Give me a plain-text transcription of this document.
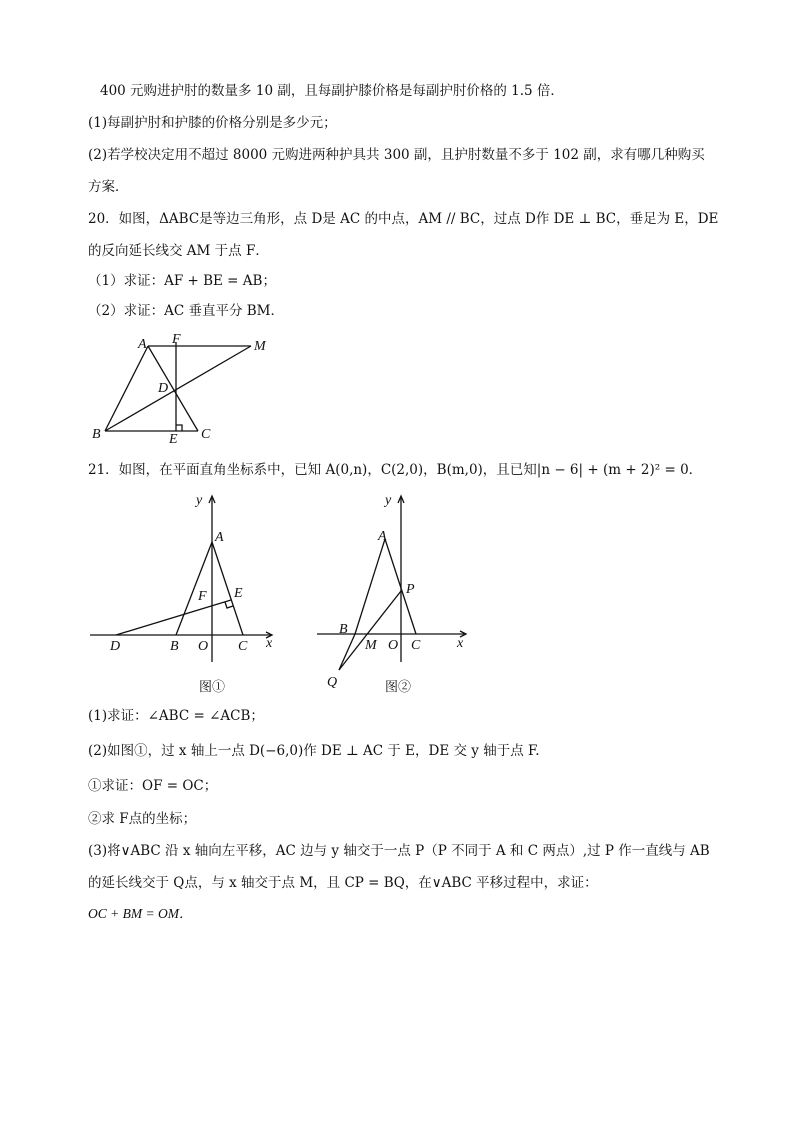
400 元购进护肘的数量多 10 副，且每副护膝价格是每副护肘价格的 1.5 倍．
(1)每副护肘和护膝的价格分别是多少元；
(2)若学校决定用不超过 8000 元购进两种护具共 300 副，且护肘数量不多于 102 副，求有哪几种购买
方案．
20．如图，ΔABC是等边三角形，点 D是 AC 的中点，AM // BC，过点 D作 DE ⊥ BC，垂足为 E，DE
的反向延长线交 AM 于点 F．
（1）求证：AF + BE = AB；
（2）求证：AC 垂直平分 BM．
A F	M
D
B	E C
21．如图，在平面直角坐标系中，已知 A(0,n)，C(2,0)，B(m,0)，且已知|n − 6| + (m + 2)² = 0．
y
A
E
F
D	B O C x
图①
y
A
P
B
M O C	x
Q	图②
(1)求证：∠ABC = ∠ACB；
(2)如图①，过 x 轴上一点 D(−6,0)作 DE ⊥ AC 于 E，DE 交 y 轴于点 F.
①求证：OF = OC；
②求 F点的坐标；
(3)将∨ABC 沿 x 轴向左平移，AC 边与 y 轴交于一点 P（P 不同于 A 和 C 两点）,过 P 作一直线与 AB
的延长线交于 Q点，与 x 轴交于点 M，且 CP = BQ，在∨ABC 平移过程中，求证：
OC + BM = OM．
